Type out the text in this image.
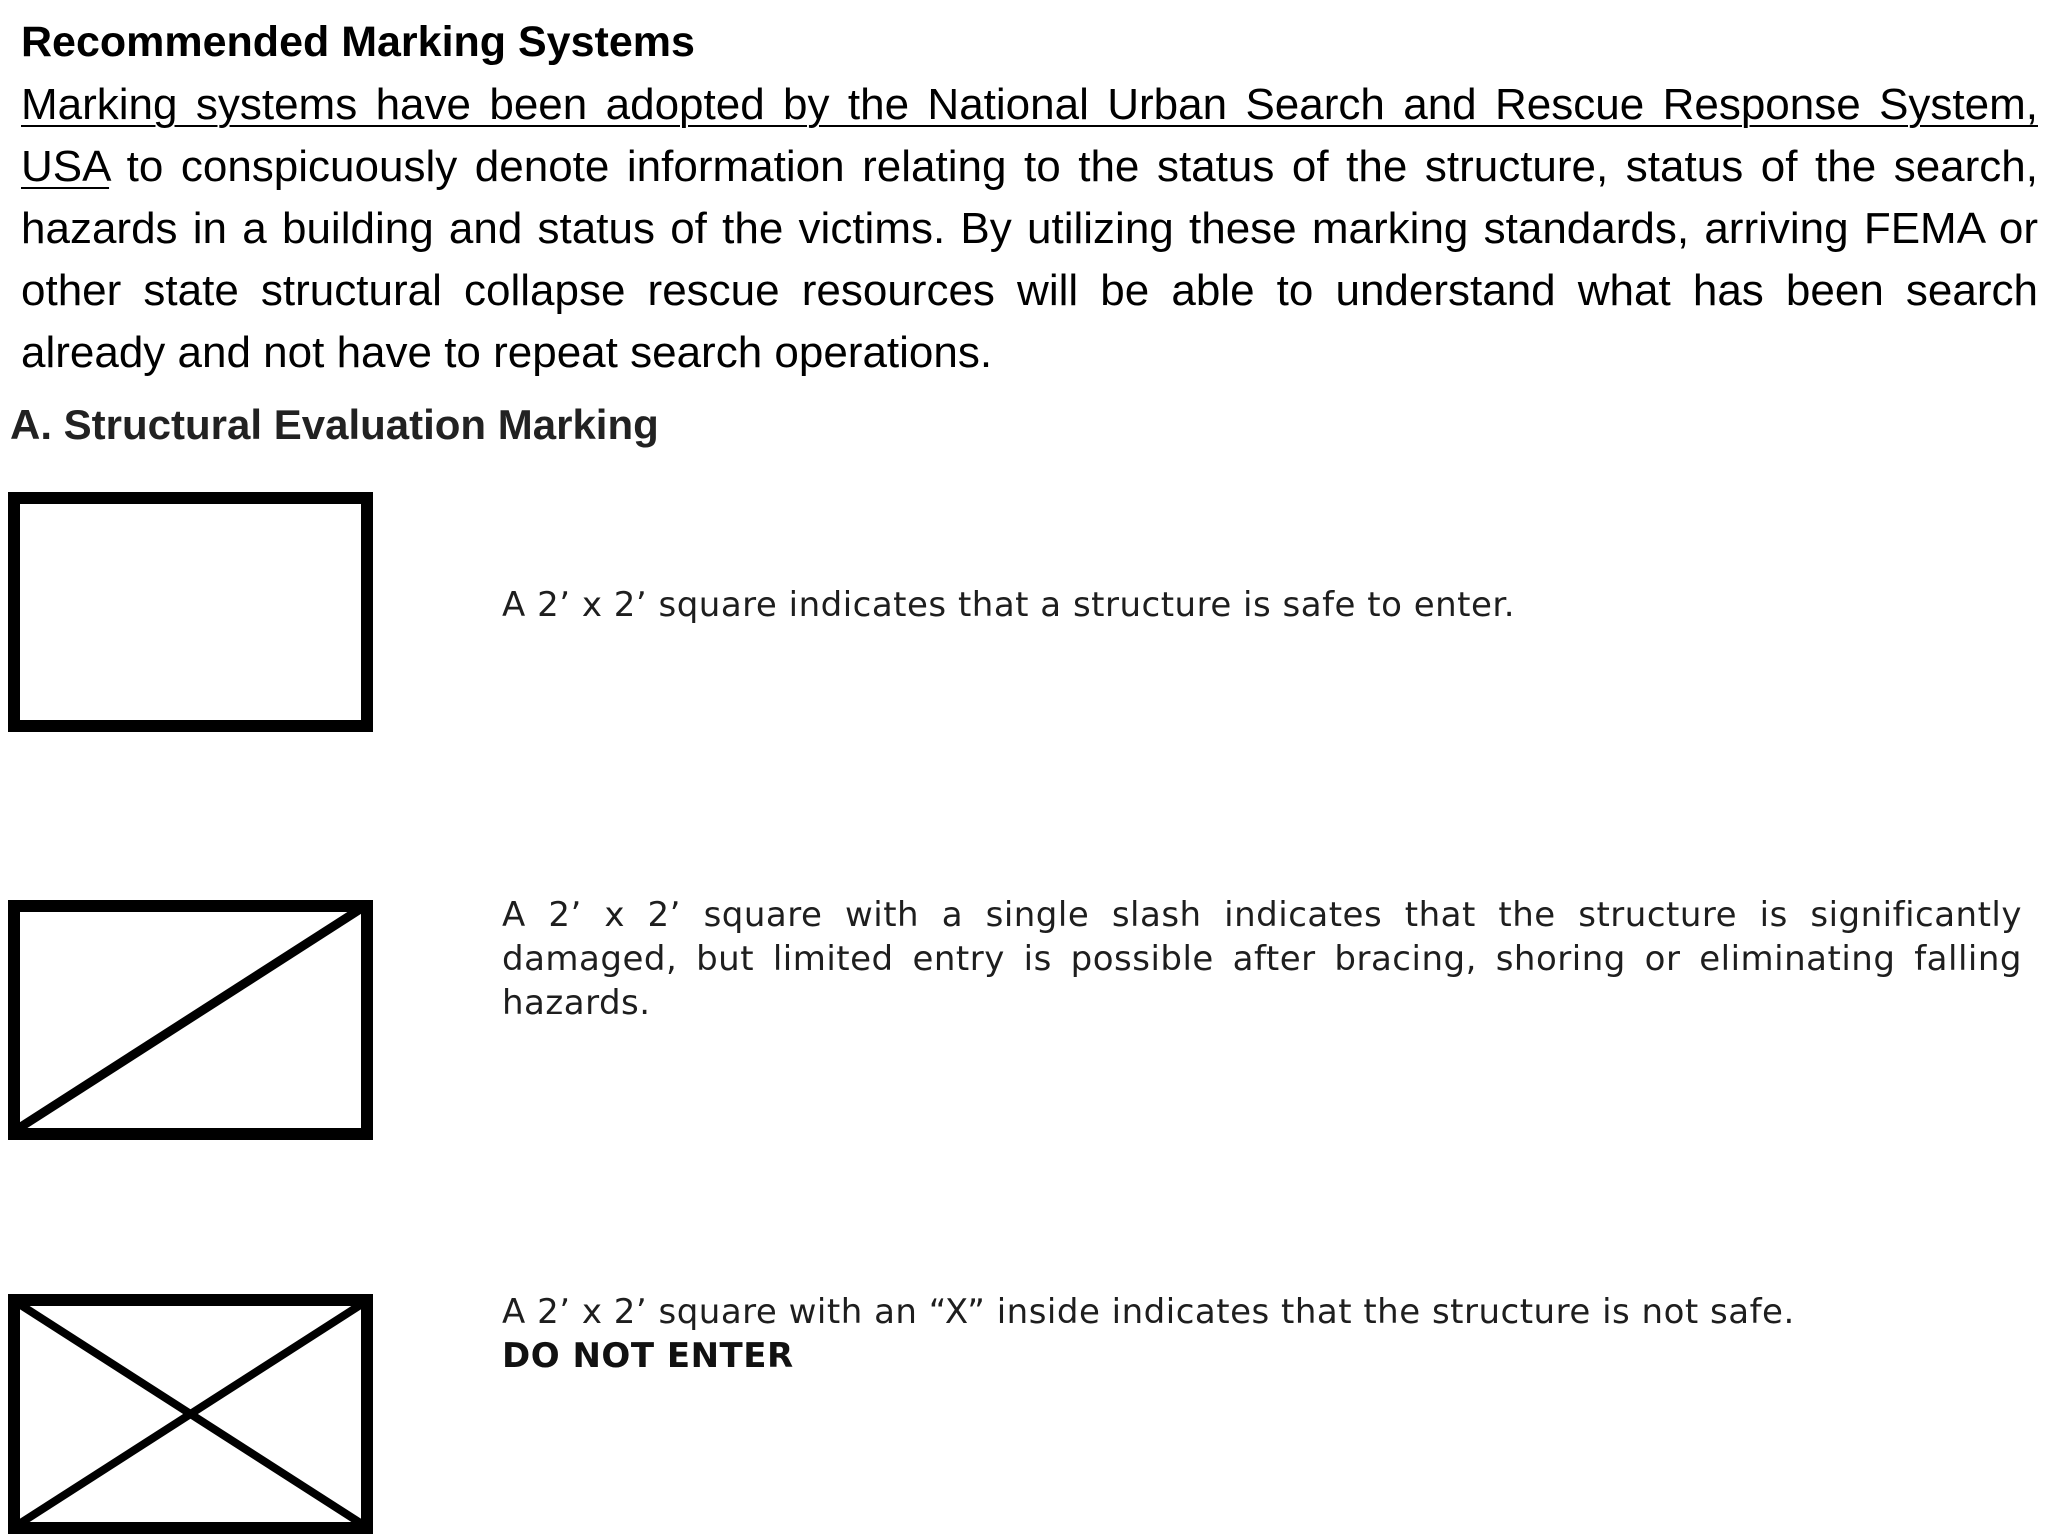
Recommended Marking Systems

Marking systems have been adopted by the National Urban Search and Rescue Response System, USA to conspicuously denote information relating to the status of the structure, status of the search, hazards in a building and status of the victims. By utilizing these marking standards, arriving FEMA or other state structural collapse rescue resources will be able to understand what has been search already and not have to repeat search operations.

A. Structural Evaluation Marking

A 2’ x 2’ square indicates that a structure is safe to enter.

A 2’ x 2’ square with a single slash indicates that the structure is significantly damaged, but limited entry is possible after bracing, shoring or eliminating falling hazards.

A 2’ x 2’ square with an “X” inside indicates that the structure is not safe.
DO NOT ENTER
